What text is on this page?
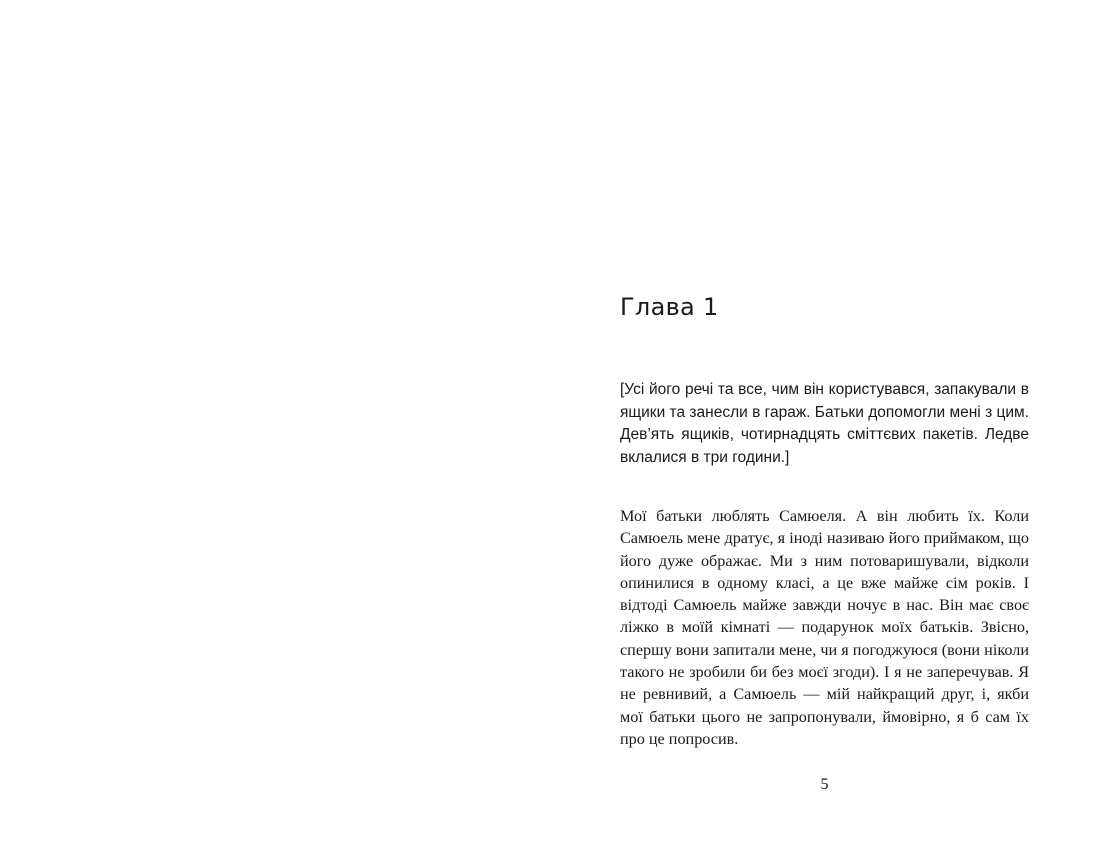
Глава 1

[Усі його речі та все, чим він користувався, запакували в ящики та занесли в гараж. Батьки допомогли мені з цим. Дев’ять ящиків, чотирнадцять сміттєвих пакетів. Ледве вклалися в три години.]

Мої батьки люблять Самюеля. А він любить їх. Коли Самюель мене дратує, я іноді називаю його приймаком, що його дуже ображає. Ми з ним потоваришували, відколи опинилися в одному класі, а це вже майже сім років. І відтоді Самюель майже завжди ночує в нас. Він має своє ліжко в моїй кімнаті — подарунок моїх батьків. Звісно, спершу вони запитали мене, чи я погоджуюся (вони ніколи такого не зробили би без моєї згоди). І я не заперечував. Я не ревнивий, а Самюель — мій найкращий друг, і, якби мої батьки цього не запропонували, ймовірно, я б сам їх про це попросив.

5
